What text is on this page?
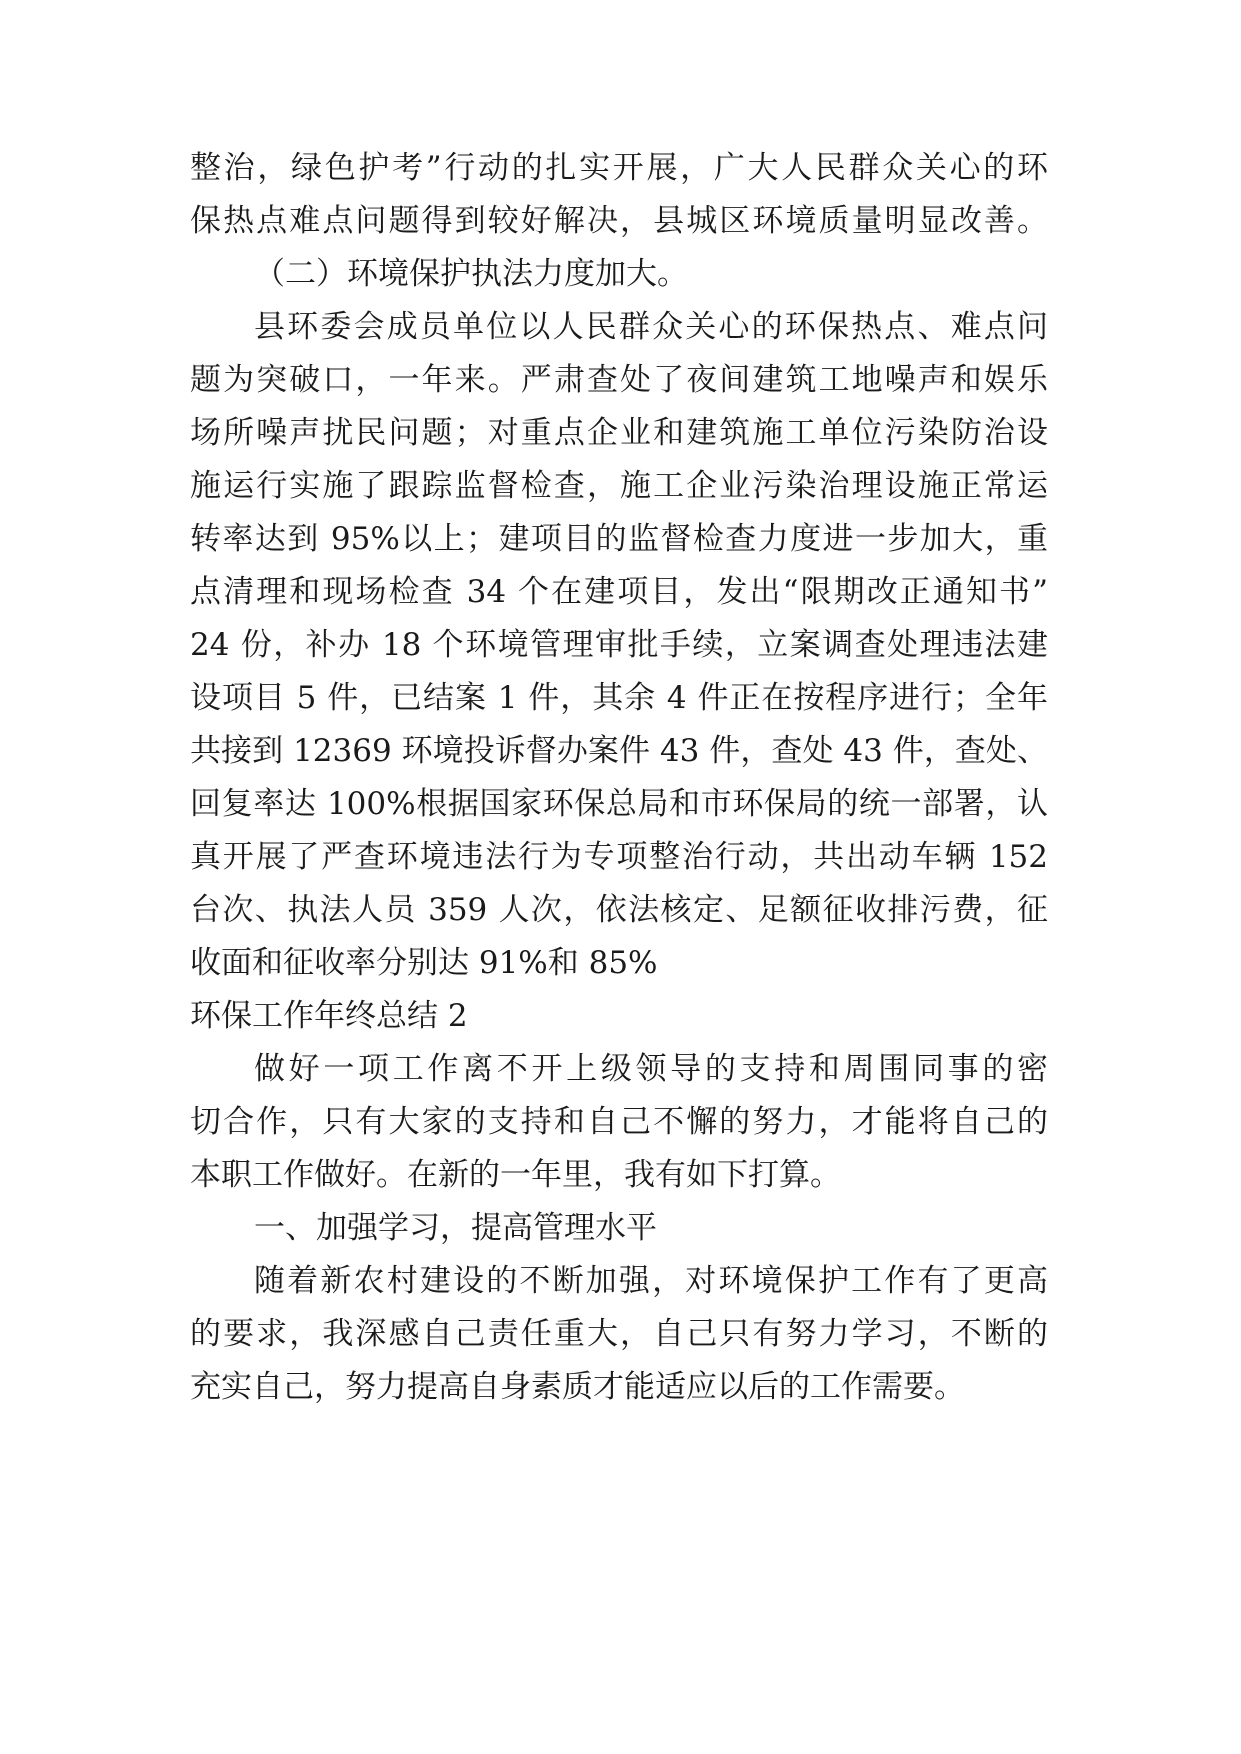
整治，绿色护考”行动的扎实开展，广大人民群众关心的环
保热点难点问题得到较好解决，县城区环境质量明显改善。
（二）环境保护执法力度加大。
县环委会成员单位以人民群众关心的环保热点、难点问
题为突破口，一年来。严肃查处了夜间建筑工地噪声和娱乐
场所噪声扰民问题；对重点企业和建筑施工单位污染防治设
施运行实施了跟踪监督检查，施工企业污染治理设施正常运
转率达到 95%以上；建项目的监督检查力度进一步加大，重
点清理和现场检查 34 个在建项目，发出“限期改正通知书”
24 份，补办 18 个环境管理审批手续，立案调查处理违法建
设项目 5 件，已结案 1 件，其余 4 件正在按程序进行；全年
共接到 12369 环境投诉督办案件 43 件，查处 43 件，查处、
回复率达 100%根据国家环保总局和市环保局的统一部署，认
真开展了严查环境违法行为专项整治行动，共出动车辆 152
台次、执法人员 359 人次，依法核定、足额征收排污费，征
收面和征收率分别达 91%和 85%
环保工作年终总结 2
做好一项工作离不开上级领导的支持和周围同事的密
切合作，只有大家的支持和自己不懈的努力，才能将自己的
本职工作做好。在新的一年里，我有如下打算。
一、加强学习，提高管理水平
随着新农村建设的不断加强，对环境保护工作有了更高
的要求，我深感自己责任重大，自己只有努力学习，不断的
充实自己，努力提高自身素质才能适应以后的工作需要。
